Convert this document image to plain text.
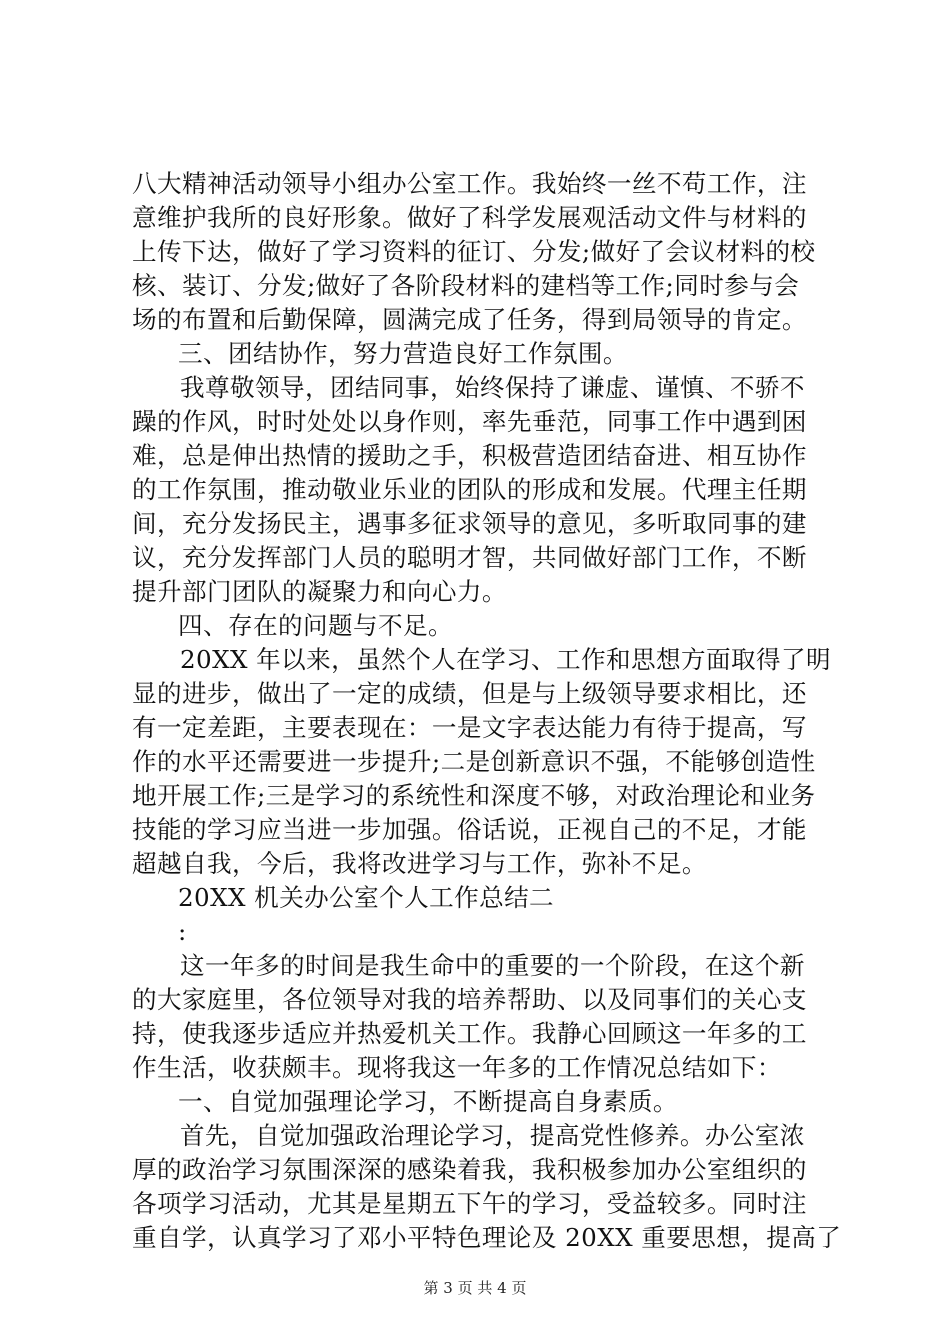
八大精神活动领导小组办公室工作。我始终一丝不苟工作，注
意维护我所的良好形象。做好了科学发展观活动文件与材料的
上传下达，做好了学习资料的征订、分发;做好了会议材料的校
核、装订、分发;做好了各阶段材料的建档等工作;同时参与会
场的布置和后勤保障，圆满完成了任务，得到局领导的肯定。
三、团结协作，努力营造良好工作氛围。
我尊敬领导，团结同事，始终保持了谦虚、谨慎、不骄不
躁的作风，时时处处以身作则，率先垂范，同事工作中遇到困
难，总是伸出热情的援助之手，积极营造团结奋进、相互协作
的工作氛围，推动敬业乐业的团队的形成和发展。代理主任期
间，充分发扬民主，遇事多征求领导的意见，多听取同事的建
议，充分发挥部门人员的聪明才智，共同做好部门工作，不断
提升部门团队的凝聚力和向心力。
四、存在的问题与不足。
20XX 年以来，虽然个人在学习、工作和思想方面取得了明
显的进步，做出了一定的成绩，但是与上级领导要求相比，还
有一定差距，主要表现在：一是文字表达能力有待于提高，写
作的水平还需要进一步提升;二是创新意识不强，不能够创造性
地开展工作;三是学习的系统性和深度不够，对政治理论和业务
技能的学习应当进一步加强。俗话说，正视自己的不足，才能
超越自我，今后，我将改进学习与工作，弥补不足。
20XX 机关办公室个人工作总结二
:
这一年多的时间是我生命中的重要的一个阶段，在这个新
的大家庭里，各位领导对我的培养帮助、以及同事们的关心支
持，使我逐步适应并热爱机关工作。我静心回顾这一年多的工
作生活，收获颇丰。现将我这一年多的工作情况总结如下：
一、自觉加强理论学习，不断提高自身素质。
首先，自觉加强政治理论学习，提高党性修养。办公室浓
厚的政治学习氛围深深的感染着我，我积极参加办公室组织的
各项学习活动，尤其是星期五下午的学习，受益较多。同时注
重自学，认真学习了邓小平特色理论及 20XX 重要思想，提高了
第 3 页 共 4 页
